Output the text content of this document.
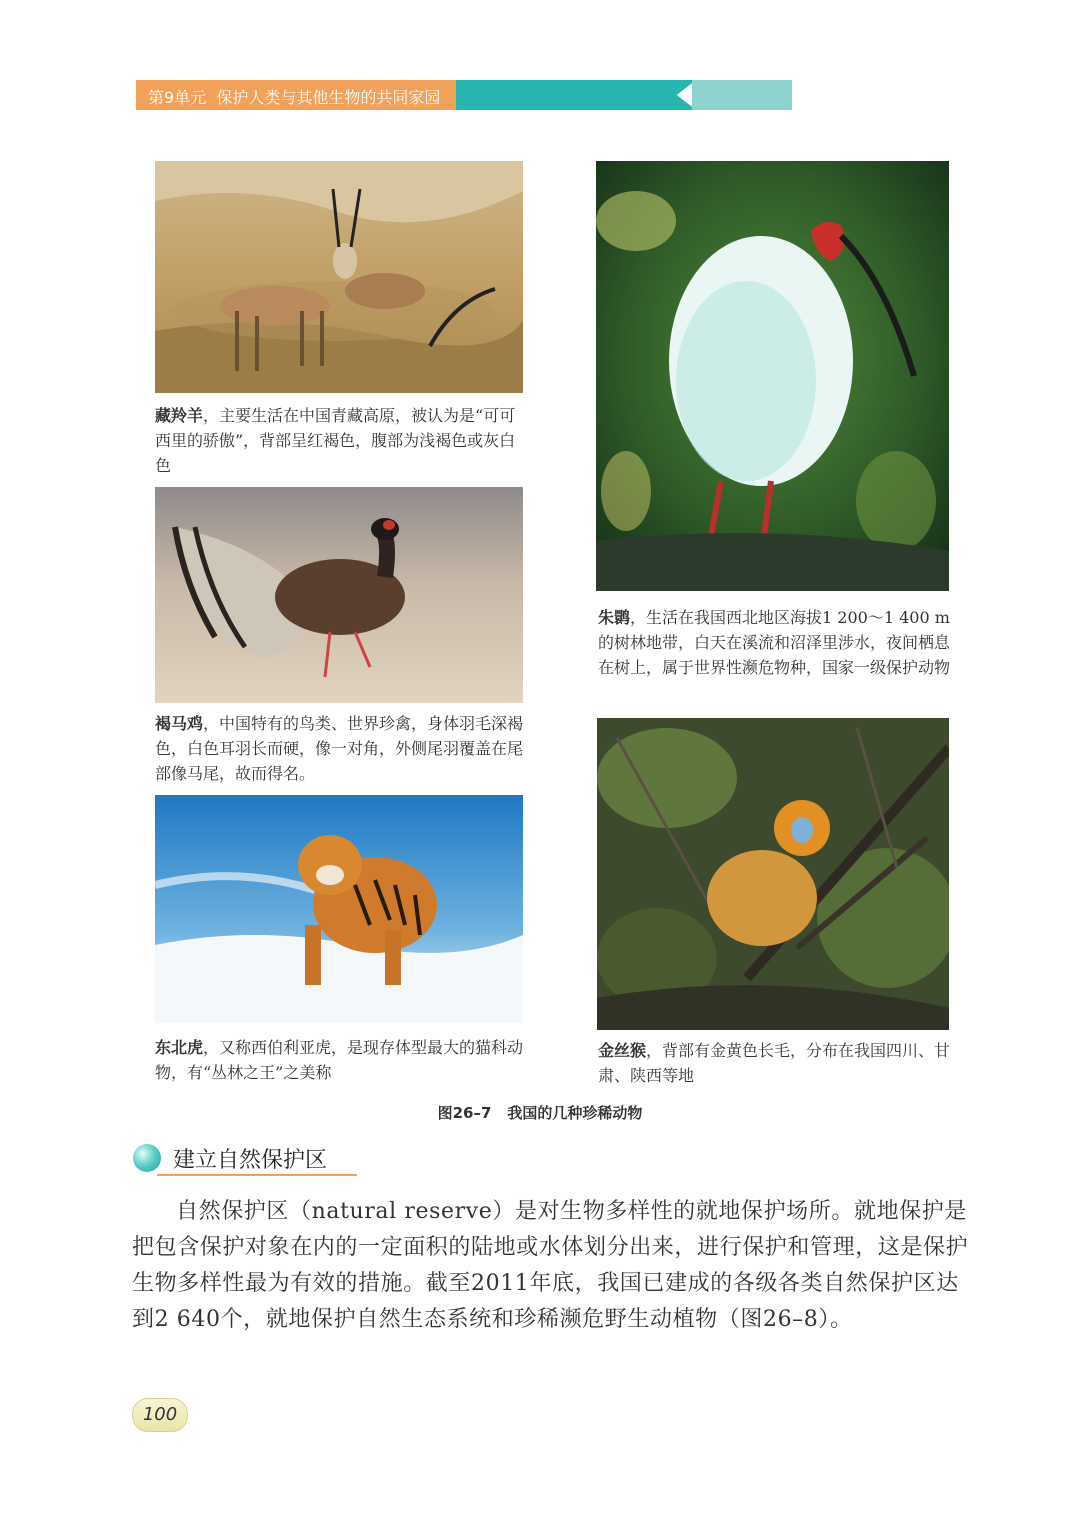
第9单元 保护人类与其他生物的共同家园
藏羚羊，主要生活在中国青藏高原，被认为是“可可西里的骄傲”，背部呈红褐色，腹部为浅褐色或灰白色
褐马鸡，中国特有的鸟类、世界珍禽，身体羽毛深褐色，白色耳羽长而硬，像一对角，外侧尾羽覆盖在尾部像马尾，故而得名。
东北虎，又称西伯利亚虎，是现存体型最大的猫科动物，有“丛林之王”之美称
朱鹮，生活在我国西北地区海拔1 200～1 400 m的树林地带，白天在溪流和沼泽里涉水，夜间栖息在树上，属于世界性濒危物种，国家一级保护动物
金丝猴，背部有金黄色长毛，分布在我国四川、甘肃、陕西等地
图26–7 我国的几种珍稀动物
建立自然保护区
自然保护区（natural reserve）是对生物多样性的就地保护场所。就地保护是把包含保护对象在内的一定面积的陆地或水体划分出来，进行保护和管理，这是保护生物多样性最为有效的措施。截至2011年底，我国已建成的各级各类自然保护区达到2 640个，就地保护自然生态系统和珍稀濒危野生动植物（图26–8）。
100
